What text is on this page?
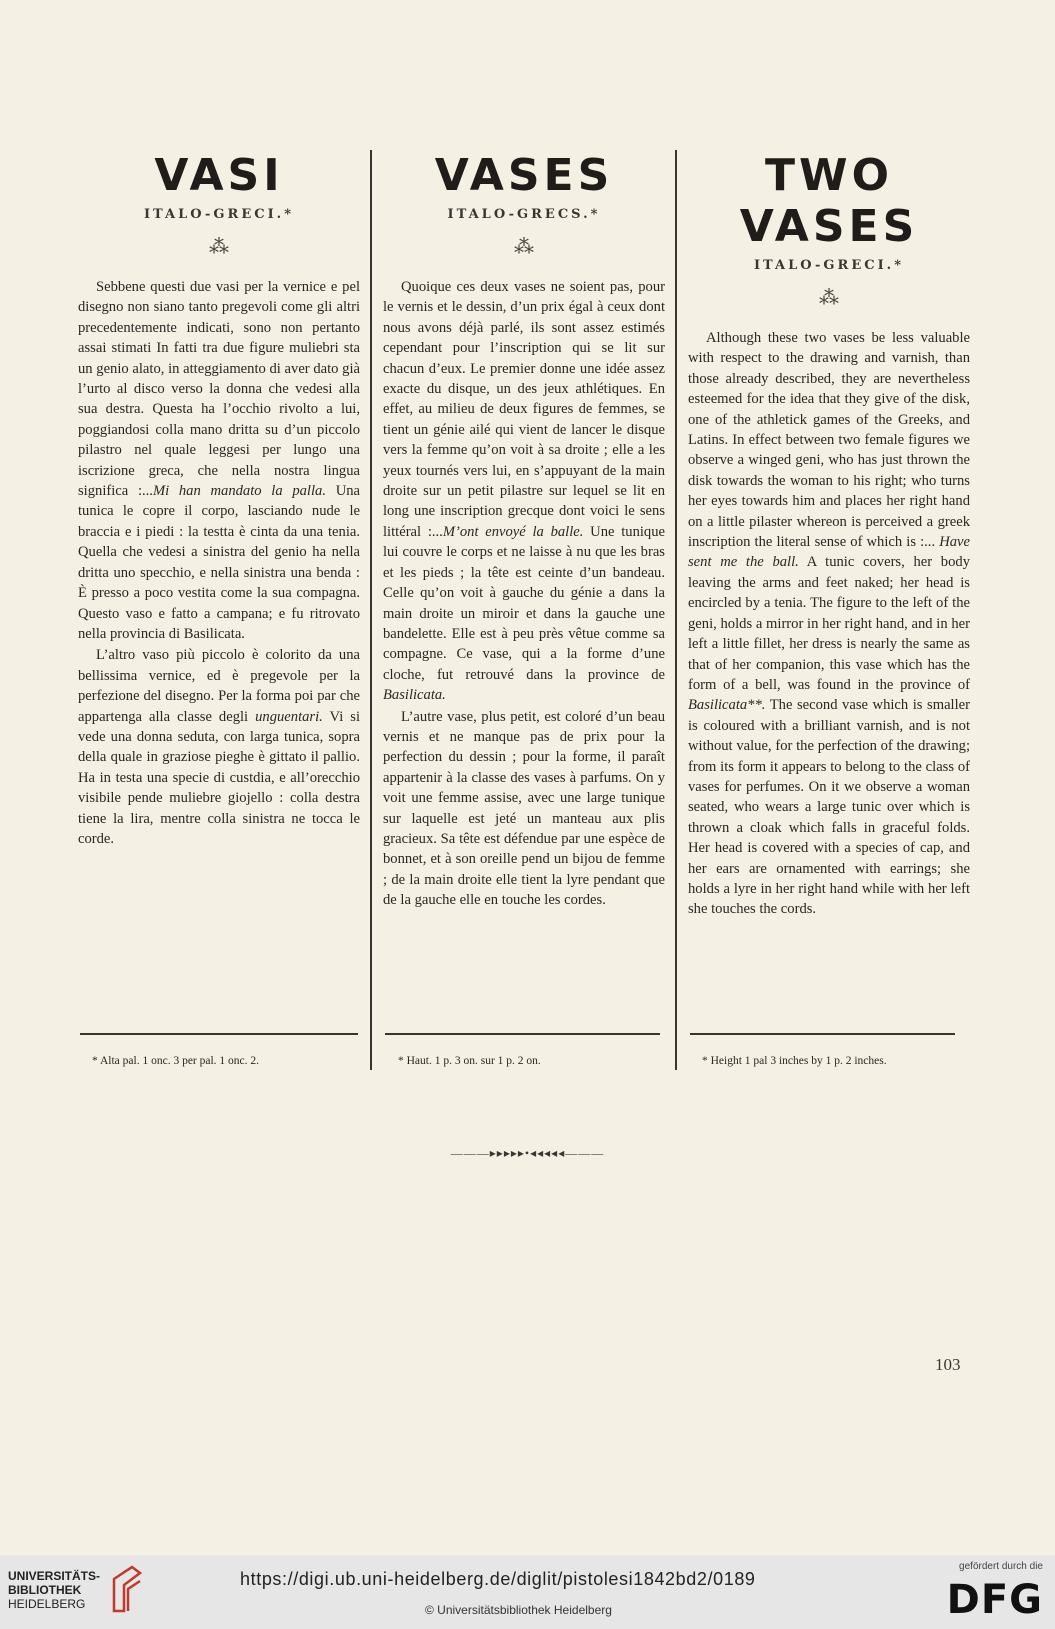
VASI
ITALO-GRECI.*
⁂

Sebbene questi due vasi per la vernice e pel disegno non siano tanto pregevoli come gli altri precedentemente indicati, sono non pertanto assai stimati In fatti tra due figure muliebri sta un genio alato, in atteggiamento di aver dato già l’urto al disco verso la donna che vedesi alla sua destra. Questa ha l’occhio rivolto a lui, poggiandosi colla mano dritta su d’un piccolo pilastro nel quale leggesi per lungo una iscrizione greca, che nella nostra lingua significa :...Mi han mandato la palla. Una tunica le copre il corpo, lasciando nude le braccia e i piedi : la testta è cinta da una tenia. Quella che vedesi a sinistra del genio ha nella dritta uno specchio, e nella sinistra una benda : È presso a poco vestita come la sua compagna. Questo vaso e fatto a campana; e fu ritrovato nella provincia di Basilicata.

L’altro vaso più piccolo è colorito da una bellissima vernice, ed è pregevole per la perfezione del disegno. Per la forma poi par che appartenga alla classe degli unguentari. Vi si vede una donna seduta, con larga tunica, sopra della quale in graziose pieghe è gittato il pallio. Ha in testa una specie di custdia, e all’orecchio visibile pende muliebre giojello : colla destra tiene la lira, mentre colla sinistra ne tocca le corde.

VASES
ITALO-GRECS.*
⁂

Quoique ces deux vases ne soient pas, pour le vernis et le dessin, d’un prix égal à ceux dont nous avons déjà parlé, ils sont assez estimés cependant pour l’inscription qui se lit sur chacun d’eux. Le premier donne une idée assez exacte du disque, un des jeux athlétiques. En effet, au milieu de deux figures de femmes, se tient un génie ailé qui vient de lancer le disque vers la femme qu’on voit à sa droite ; elle a les yeux tournés vers lui, en s’appuyant de la main droite sur un petit pilastre sur lequel se lit en long une inscription grecque dont voici le sens littéral :...M’ont envoyé la balle. Une tunique lui couvre le corps et ne laisse à nu que les bras et les pieds ; la tête est ceinte d’un bandeau. Celle qu’on voit à gauche du génie a dans la main droite un miroir et dans la gauche une bandelette. Elle est à peu près vêtue comme sa compagne. Ce vase, qui a la forme d’une cloche, fut retrouvé dans la province de Basilicata.

L’autre vase, plus petit, est coloré d’un beau vernis et ne manque pas de prix pour la perfection du dessin ; pour la forme, il paraît appartenir à la classe des vases à parfums. On y voit une femme assise, avec une large tunique sur laquelle est jeté un manteau aux plis gracieux. Sa tête est défendue par une espèce de bonnet, et à son oreille pend un bijou de femme ; de la main droite elle tient la lyre pendant que de la gauche elle en touche les cordes.

TWO VASES
ITALO-GRECI.*
⁂

Although these two vases be less valuable with respect to the drawing and varnish, than those already described, they are nevertheless esteemed for the idea that they give of the disk, one of the athletick games of the Greeks, and Latins. In effect between two female figures we observe a winged geni, who has just thrown the disk towards the woman to his right; who turns her eyes towards him and places her right hand on a little pilaster whereon is perceived a greek inscription the literal sense of which is :... Have sent me the ball. A tunic covers, her body leaving the arms and feet naked; her head is encircled by a tenia. The figure to the left of the geni, holds a mirror in her right hand, and in her left a little fillet, her dress is nearly the same as that of her companion, this vase which has the form of a bell, was found in the province of Basilicata**. The second vase which is smaller is coloured with a brilliant varnish, and is not without value, for the perfection of the drawing; from its form it appears to belong to the class of vases for perfumes. On it we observe a woman seated, who wears a large tunic over which is thrown a cloak which falls in graceful folds. Her head is covered with a species of cap, and her ears are ornamented with earrings; she holds a lyre in her right hand while with her left she touches the cords.

* Alta pal. 1 onc. 3 per pal. 1 onc. 2.	* Haut. 1 p. 3 on. sur 1 p. 2 on.	* Height 1 pal 3 inches by 1 p. 2 inches.
———▸▸▸▸▸•◂◂◂◂◂———
103
UNIVERSITÄTS-
BIBLIOTHEK
HEIDELBERG
https://digi.ub.uni-heidelberg.de/diglit/pistolesi1842bd2/0189
© Universitätsbibliothek Heidelberg
gefördert durch die
DFG
